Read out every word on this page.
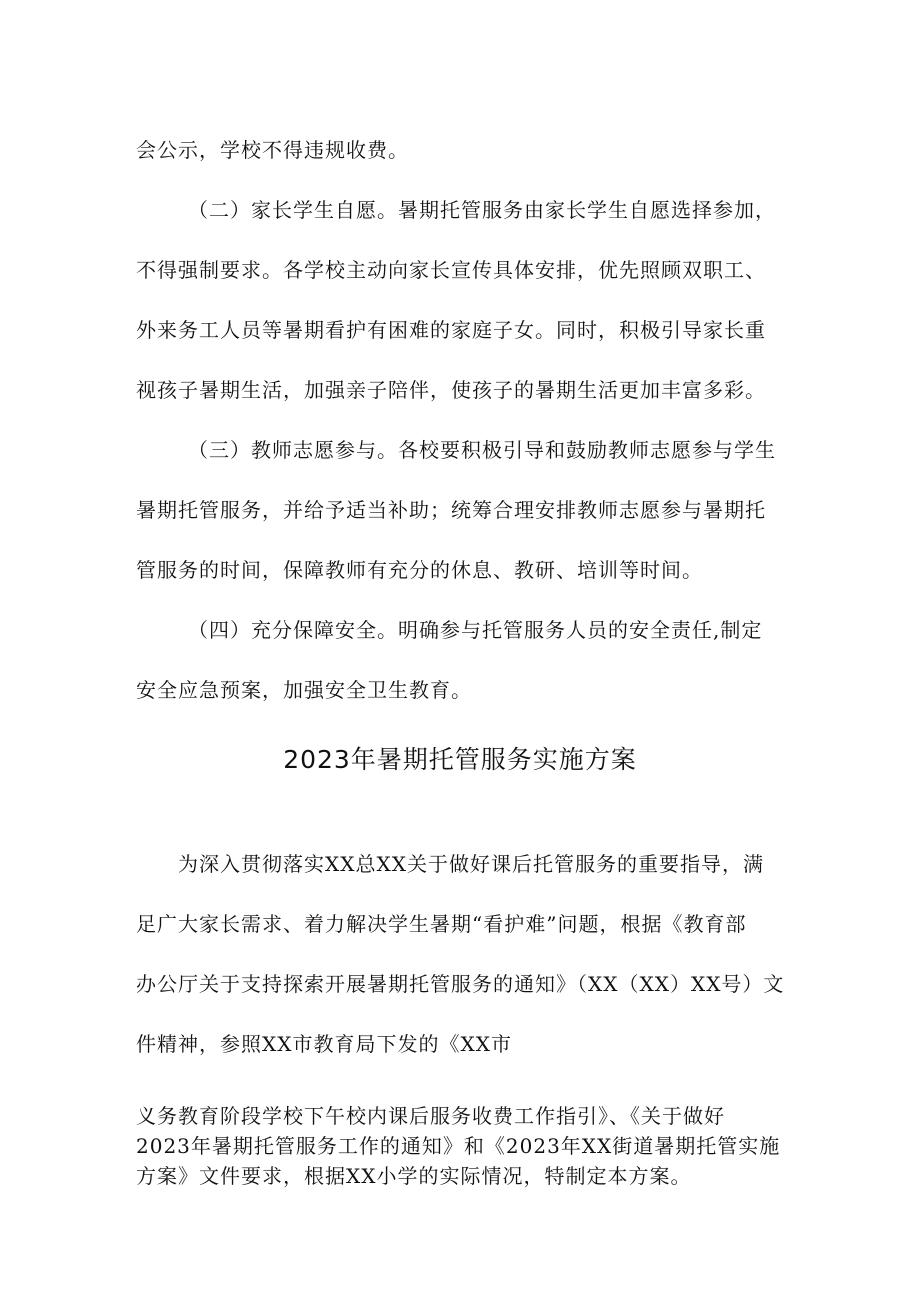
会公示，学校不得违规收费。
（二）家长学生自愿。暑期托管服务由家长学生自愿选择参加，
不得强制要求。各学校主动向家长宣传具体安排，优先照顾双职工、
外来务工人员等暑期看护有困难的家庭子女。同时，积极引导家长重
视孩子暑期生活，加强亲子陪伴，使孩子的暑期生活更加丰富多彩。
（三）教师志愿参与。各校要积极引导和鼓励教师志愿参与学生
暑期托管服务，并给予适当补助；统筹合理安排教师志愿参与暑期托
管服务的时间，保障教师有充分的休息、教研、培训等时间。
（四）充分保障安全。明确参与托管服务人员的安全责任,制定
安全应急预案，加强安全卫生教育。
2023年暑期托管服务实施方案
为深入贯彻落实XX总XX关于做好课后托管服务的重要指导，满
足广大家长需求、着力解决学生暑期“看护难”问题，根据《教育部
办公厅关于支持探索开展暑期托管服务的通知》（XX（XX）XX号）文
件精神，参照XX市教育局下发的《XX市
义务教育阶段学校下午校内课后服务收费工作指引》、《关于做好
2023年暑期托管服务工作的通知》和《2023年XX街道暑期托管实施
方案》文件要求，根据XX小学的实际情况，特制定本方案。
